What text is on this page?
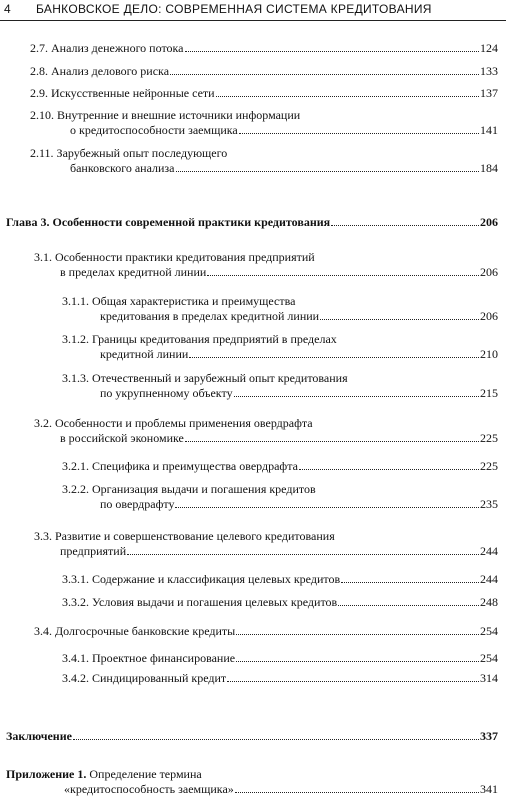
4 БАНКОВСКОЕ ДЕЛО: СОВРЕМЕННАЯ СИСТЕМА КРЕДИТОВАНИЯ
2.7. Анализ денежного потока	124
2.8. Анализ делового риска	133
2.9. Искусственные нейронные сети	137
2.10. Внутренние и внешние источники информации
о кредитоспособности заемщика	141
2.11. Зарубежный опыт последующего
банковского анализа	184
Глава 3. Особенности современной практики кредитования	206
3.1. Особенности практики кредитования предприятий
в пределах кредитной линии	206
3.1.1. Общая характеристика и преимущества
кредитования в пределах кредитной линии	206
3.1.2. Границы кредитования предприятий в пределах
кредитной линии	210
3.1.3. Отечественный и зарубежный опыт кредитования
по укрупненному объекту	215
3.2. Особенности и проблемы применения овердрафта
в российской экономике	225
3.2.1. Специфика и преимущества овердрафта	225
3.2.2. Организация выдачи и погашения кредитов
по овердрафту	235
3.3. Развитие и совершенствование целевого кредитования
предприятий	244
3.3.1. Содержание и классификация целевых кредитов	244
3.3.2. Условия выдачи и погашения целевых кредитов	248
3.4. Долгосрочные банковские кредиты	254
3.4.1. Проектное финансирование	254
3.4.2. Синдицированный кредит	314
Заключение	337
Приложение 1. Определение термина
«кредитоспособность заемщика»	341
